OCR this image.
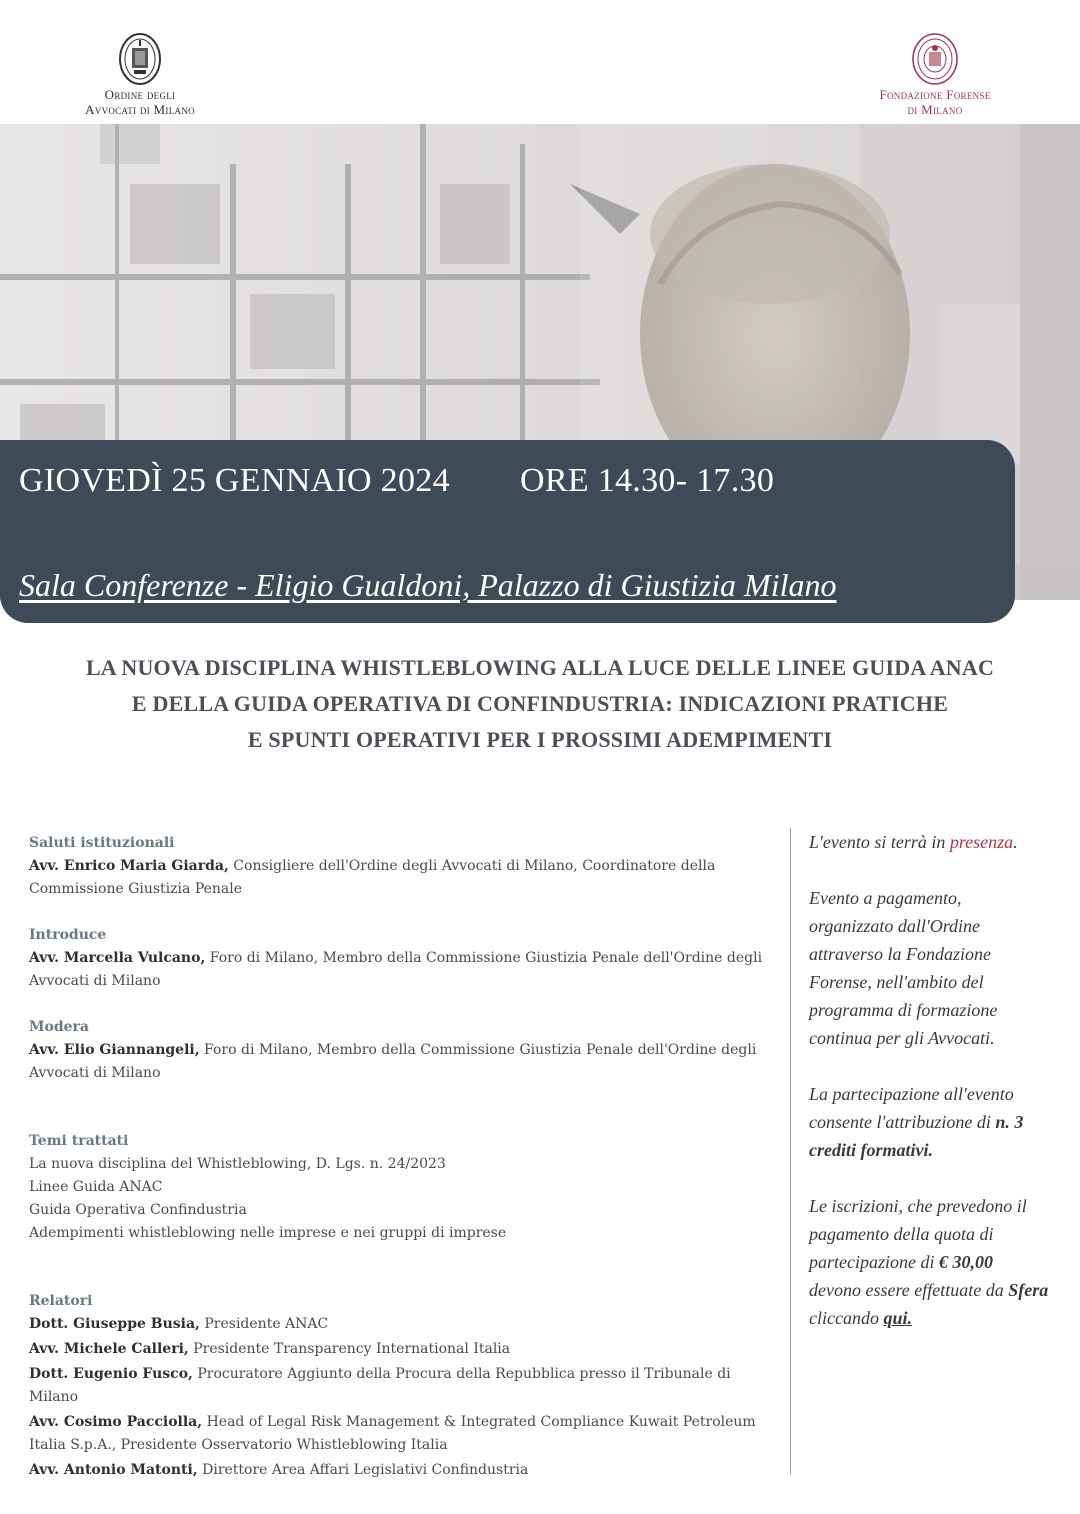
Ordine degli
Avvocati di Milano
Fondazione Forense
di Milano
GIOVEDÌ 25 GENNAIO 2024 ORE 14.30- 17.30
Sala Conferenze - Eligio Gualdoni, Palazzo di Giustizia Milano
LA NUOVA DISCIPLINA WHISTLEBLOWING ALLA LUCE DELLE LINEE GUIDA ANAC
E DELLA GUIDA OPERATIVA DI CONFINDUSTRIA: INDICAZIONI PRATICHE
E SPUNTI OPERATIVI PER I PROSSIMI ADEMPIMENTI
Saluti istituzionali
Avv. Enrico Maria Giarda, Consigliere dell'Ordine degli Avvocati di Milano, Coordinatore della Commissione Giustizia Penale
Introduce
Avv. Marcella Vulcano, Foro di Milano, Membro della Commissione Giustizia Penale dell'Ordine degli Avvocati di Milano
Modera
Avv. Elio Giannangeli, Foro di Milano, Membro della Commissione Giustizia Penale dell'Ordine degli Avvocati di Milano
Temi trattati
La nuova disciplina del Whistleblowing, D. Lgs. n. 24/2023
Linee Guida ANAC
Guida Operativa Confindustria
Adempimenti whistleblowing nelle imprese e nei gruppi di imprese
Relatori
Dott. Giuseppe Busia, Presidente ANAC
Avv. Michele Calleri, Presidente Transparency International Italia
Dott. Eugenio Fusco, Procuratore Aggiunto della Procura della Repubblica presso il Tribunale di Milano
Avv. Cosimo Pacciolla, Head of Legal Risk Management & Integrated Compliance Kuwait Petroleum Italia S.p.A., Presidente Osservatorio Whistleblowing Italia
Avv. Antonio Matonti, Direttore Area Affari Legislativi Confindustria

L'evento si terrà in presenza.

Evento a pagamento, organizzato dall'Ordine attraverso la Fondazione Forense, nell'ambito del programma di formazione continua per gli Avvocati.

La partecipazione all'evento consente l'attribuzione di n. 3 crediti formativi.

Le iscrizioni, che prevedono il pagamento della quota di partecipazione di € 30,00 devono essere effettuate da Sfera cliccando qui.
